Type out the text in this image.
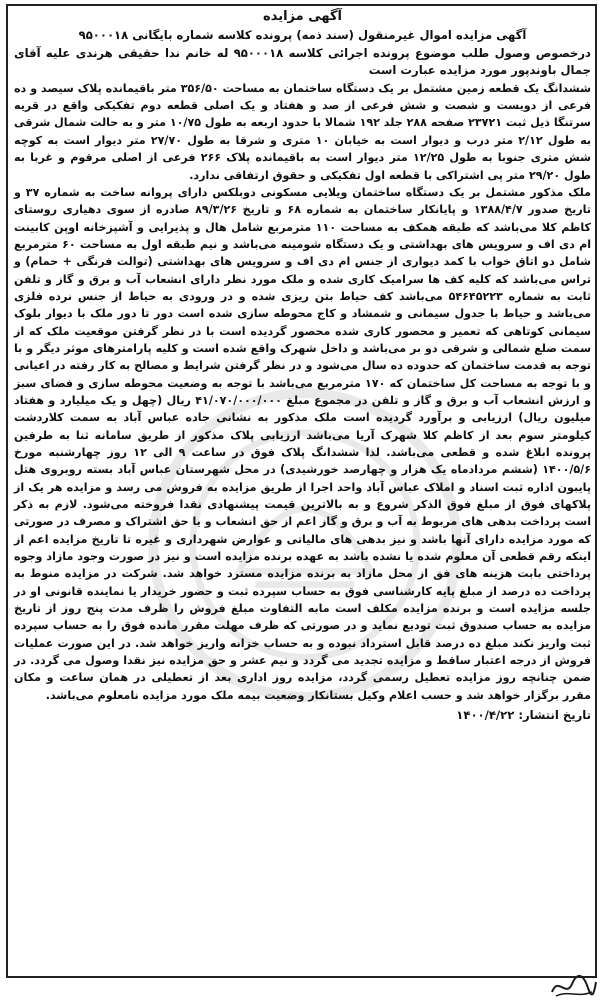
آگهی مزایده

آگهی مزایده اموال غیرمنقول (سند ذمه) پرونده کلاسه شماره بایگانی ۹۵۰۰۰۱۸

درخصوص وصول طلب موضوع پرونده اجرائی کلاسه ۹۵۰۰۰۱۸ له خانم ندا حقیقی هرندی علیه آقای جمال باوندپور مورد مزایده عبارت است

ششدانگ یک قطعه زمین مشتمل بر یک دستگاه ساختمان به مساحت ۳۵۶/۵۰ متر باقیمانده پلاک سیصد و ده فرعی از دویست و شصت و شش فرعی از صد و هفتاد و یک اصلی قطعه دوم تفکیکی واقع در قریه سرتنگا ذیل ثبت ۲۳۷۲۱ صفحه ۲۸۸ جلد ۱۹۲ شمالا با حدود اربعه به طول ۱۰/۷۵ متر و به حالت شمال شرقی به طول ۲/۱۲ متر درب و دیوار است به خیابان ۱۰ متری و شرقا به طول ۲۷/۷۰ متر دیوار است به کوچه شش متری جنوبا به طول ۱۲/۲۵ متر دیوار است به باقیمانده پلاک ۲۶۶ فرعی از اصلی مرقوم و غربا به طول ۲۹/۲۰ متر پی اشتراکی با قطعه اول تفکیکی و حقوق ارتفاقی ندارد.

ملک مذکور مشتمل بر یک دستگاه ساختمان ویلایی مسکونی دوبلکس دارای پروانه ساخت به شماره ۳۷ و تاریخ صدور ۱۳۸۸/۴/۷ و پایانکار ساختمان به شماره ۶۸ و تاریخ ۸۹/۳/۲۶ صادره از سوی دهیاری روستای کاظم کلا می‌باشد که طبقه همکف به مساحت ۱۱۰ مترمربع شامل هال و پذیرایی و آشپزخانه اوپن کابینت ام دی اف و سرویس های بهداشتی و یک دستگاه شومینه می‌باشد و نیم طبقه اول به مساحت ۶۰ مترمربع شامل دو اتاق خواب با کمد دیواری از جنس ام دی اف و سرویس های بهداشتی (توالت فرنگی + حمام) و تراس می‌باشد که کلیه کف ها سرامیک کاری شده و ملک مورد نظر دارای انشعاب آب و برق و گاز و تلفن ثابت به شماره ۵۴۶۴۵۲۲۳ می‌باشد کف حیاط بتن ریزی شده و در ورودی به حیاط از جنس نرده فلزی می‌باشد و حیاط با جدول سیمانی و شمشاد و کاج محوطه سازی شده است دور تا دور ملک با دیوار بلوک سیمانی کوتاهی که تعمیر و محصور کاری شده محصور گردیده است با در نظر گرفتن موقعیت ملک که از سمت ضلع شمالی و شرقی دو بر می‌باشد و داخل شهرک واقع شده است و کلیه پارامترهای موثر دیگر و با توجه به قدمت ساختمان که حدوده ده سال می‌شود و در نظر گرفتن شرایط و مصالح به کار رفته در اعیانی و با توجه به مساحت کل ساختمان که ۱۷۰ مترمربع می‌باشد با توجه به وضعیت محوطه سازی و فضای سبز و ارزش انشعاب آب و برق و گاز و تلفن در مجموع مبلغ ۴۱/۰۷۰/۰۰۰/۰۰۰ ریال (چهل و یک میلیارد و هفتاد میلیون ریال) ارزیابی و برآورد گردیده است ملک مذکور به نشانی جاده عباس آباد به سمت کلاردشت کیلومتر سوم بعد از کاظم کلا شهرک آریا می‌باشد ارزیابی پلاک مذکور از طریق سامانه ثنا به طرفین پرونده ابلاغ شده و قطعی می‌باشد. لذا ششدانگ پلاک فوق در ساعت ۹ الی ۱۲ روز چهارشنبه مورخ ۱۴۰۰/۵/۶ (ششم مردادماه یک هزار و چهارصد خورشیدی) در محل شهرستان عباس آباد بسته روبروی هتل پایبون اداره ثبت اسناد و املاک عباس آباد واحد اجرا از طریق مزایده به فروش می رسد و مزایده هر یک از پلاکهای فوق از مبلغ فوق الذکر شروع و به بالاترین قیمت پیشنهادی نقدا فروخته می‌شود. لازم به ذکر است پرداخت بدهی های مربوط به آب و برق و گاز اعم از حق انشعاب و یا حق اشتراک و مصرف در صورتی که مورد مزایده دارای آنها باشد و نیز بدهی های مالیاتی و عوارض شهرداری و غیره تا تاریخ مزایده اعم از اینکه رقم قطعی آن معلوم شده یا نشده باشد به عهده برنده مزایده است و نیز در صورت وجود مازاد وجوه پرداختی بابت هزینه های فق از محل مازاد به برنده مزایده مسترد خواهد شد. شرکت در مزایده منوط به پرداخت ده درصد از مبلغ پایه کارشناسی فوق به حساب سپرده ثبت و حضور خریدار یا نماینده قانونی او در جلسه مزایده است و برنده مزایده مکلف است مابه التفاوت مبلغ فروش را ظرف مدت پنج روز از تاریخ مزایده به حساب صندوق ثبت تودیع نماید و در صورتی که ظرف مهلت مقرر مانده فوق را به حساب سپرده ثبت واریز نکند مبلغ ده درصد قابل استرداد نبوده و به حساب خزانه واریز خواهد شد. در این صورت عملیات فروش از درجه اعتبار ساقط و مزایده تجدید می گردد و نیم عشر و حق مزایده نیز نقدا وصول می گردد. در ضمن چنانچه روز مزایده تعطیل رسمی گردد، مزایده روز اداری بعد از تعطیلی در همان ساعت و مکان مقرر برگزار خواهد شد و حسب اعلام وکیل بستانکار وضعیت بیمه ملک مورد مزایده نامعلوم می‌باشد.

تاریخ انتشار: ۱۴۰۰/۴/۲۲
